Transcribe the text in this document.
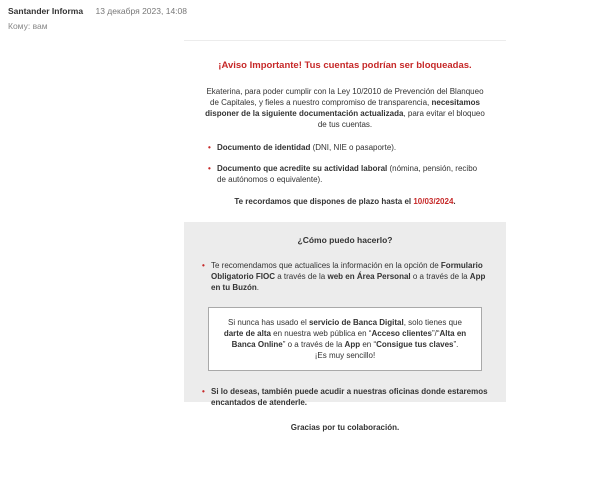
Santander Informa 13 декабря 2023, 14:08
Кому: вам
¡Aviso Importante! Tus cuentas podrían ser bloqueadas.
Ekaterina, para poder cumplir con la Ley 10/2010 de Prevención del Blanqueo de Capitales, y fieles a nuestro compromiso de transparencia, necesitamos disponer de la siguiente documentación actualizada, para evitar el bloqueo de tus cuentas.
• Documento de identidad (DNI, NIE o pasaporte).
• Documento que acredite su actividad laboral (nómina, pensión, recibo de autónomos o equivalente).
Te recordamos que dispones de plazo hasta el 10/03/2024.
¿Cómo puedo hacerlo?
• Te recomendamos que actualices la información en la opción de Formulario Obligatorio FIOC a través de la web en Área Personal o a través de la App en tu Buzón.
Si nunca has usado el servicio de Banca Digital, solo tienes que darte de alta en nuestra web pública en “Acceso clientes”/“Alta en Banca Online” o a través de la App en “Consigue tus claves”.
¡Es muy sencillo!
• Si lo deseas, también puede acudir a nuestras oficinas donde estaremos encantados de atenderle.
Gracias por tu colaboración.
